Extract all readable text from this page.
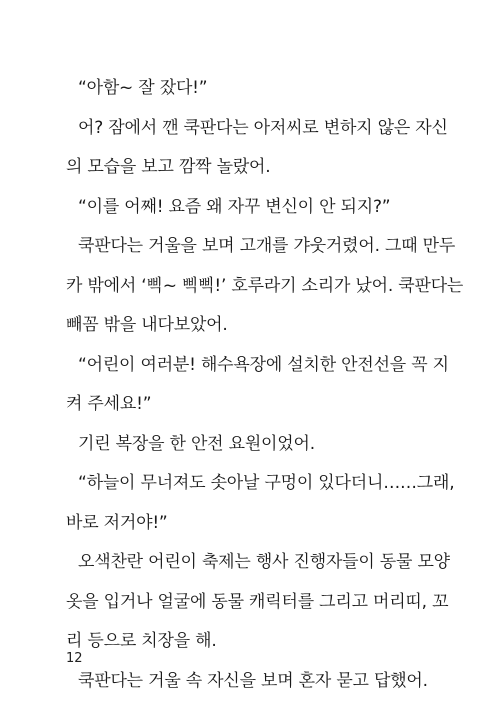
“아함~ 잘 잤다!”
어? 잠에서 깬 쿡판다는 아저씨로 변하지 않은 자신
의 모습을 보고 깜짝 놀랐어.
“이를 어째! 요즘 왜 자꾸 변신이 안 되지?”
쿡판다는 거울을 보며 고개를 갸웃거렸어. 그때 만두
카 밖에서 ‘삑~ 삑삑!’ 호루라기 소리가 났어. 쿡판다는
빼꼼 밖을 내다보았어.
“어린이 여러분! 해수욕장에 설치한 안전선을 꼭 지
켜 주세요!”
기린 복장을 한 안전 요원이었어.
“하늘이 무너져도 솟아날 구멍이 있다더니……그래,
바로 저거야!”
오색찬란 어린이 축제는 행사 진행자들이 동물 모양
옷을 입거나 얼굴에 동물 캐릭터를 그리고 머리띠, 꼬
리 등으로 치장을 해.
쿡판다는 거울 속 자신을 보며 혼자 묻고 답했어.
12
